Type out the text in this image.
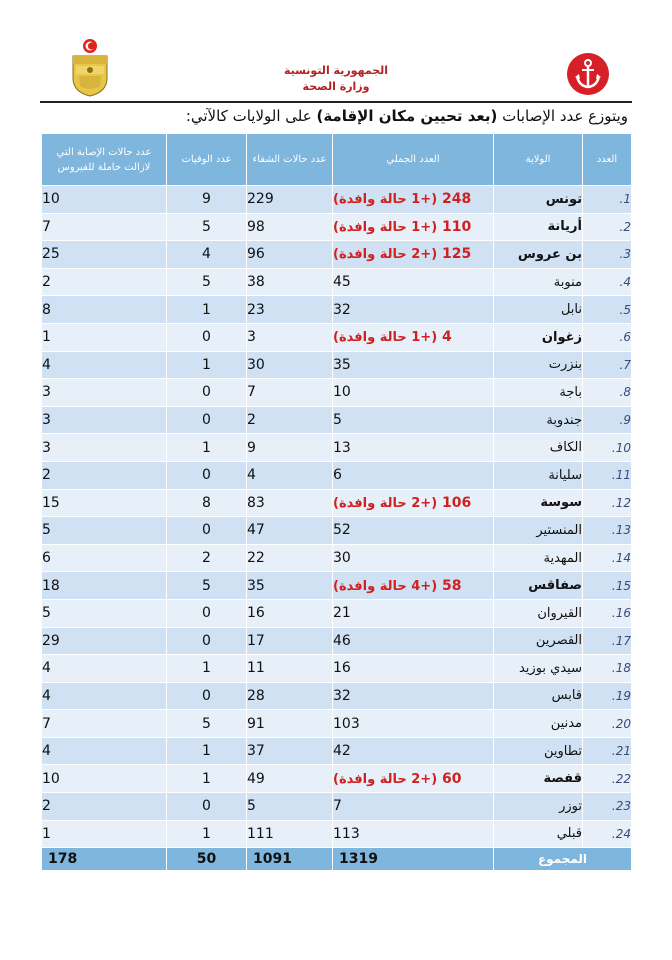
الجمهورية التونسية
وزارة الصحة
ويتوزع عدد الإصابات (بعد تحيين مكان الإقامة) على الولايات كالآتي:
العدد	الولاية	العدد الجملي	عدد حالات الشفاء	عدد الوفيات	عدد حالات الإصابة التي لازالت حاملة للفيروس
1.	تونس	248 (+1 حالة وافدة)	229	9	10
2.	أريانة	110 (+1 حالة وافدة)	98	5	7
3.	بن عروس	125 (+2 حالة وافدة)	96	4	25
4.	منوبة	45	38	5	2
5.	نابل	32	23	1	8
6.	زغوان	4 (+1 حالة وافدة)	3	0	1
7.	بنزرت	35	30	1	4
8.	باجة	10	7	0	3
9.	جندوبة	5	2	0	3
10.	الكاف	13	9	1	3
11.	سليانة	6	4	0	2
12.	سوسة	106 (+2 حالة وافدة)	83	8	15
13.	المنستير	52	47	0	5
14.	المهدية	30	22	2	6
15.	صفاقس	58 (+4 حالة وافدة)	35	5	18
16.	القيروان	21	16	0	5
17.	القصرين	46	17	0	29
18.	سيدي بوزيد	16	11	1	4
19.	قابس	32	28	0	4
20.	مدنين	103	91	5	7
21.	تطاوين	42	37	1	4
22.	قفصة	60 (+2 حالة وافدة)	49	1	10
23.	توزر	7	5	0	2
24.	قبلي	113	111	1	1
المجموع		1319	1091	50	178
